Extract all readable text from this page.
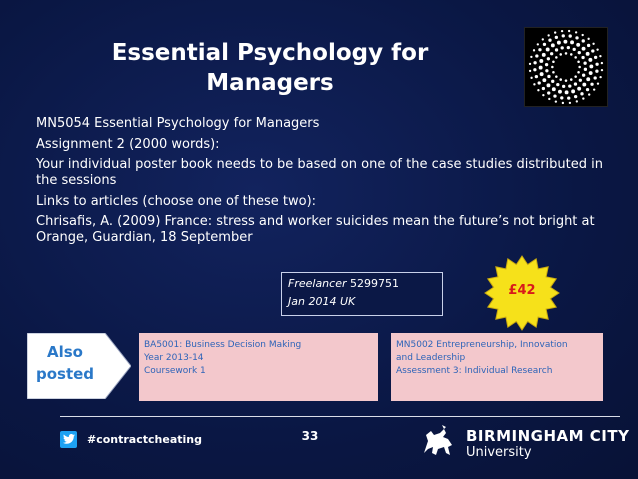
Essential Psychology for
Managers

MN5054 Essential Psychology for Managers

Assignment 2 (2000 words):

Your individual poster book needs to be based on one of the case studies distributed in the sessions

Links to articles (choose one of these two):

Chrisafis, A. (2009) France: stress and worker suicides mean the future’s not bright at Orange, Guardian, 18 September

Freelancer 5299751
Jan 2014 UK
£42
Also
posted
BA5001: Business Decision Making
Year 2013-14
Coursework 1
MN5002 Entrepreneurship, Innovation
and Leadership
Assessment 3: Individual Research
#contractcheating	33	BIRMINGHAM CITY
University
